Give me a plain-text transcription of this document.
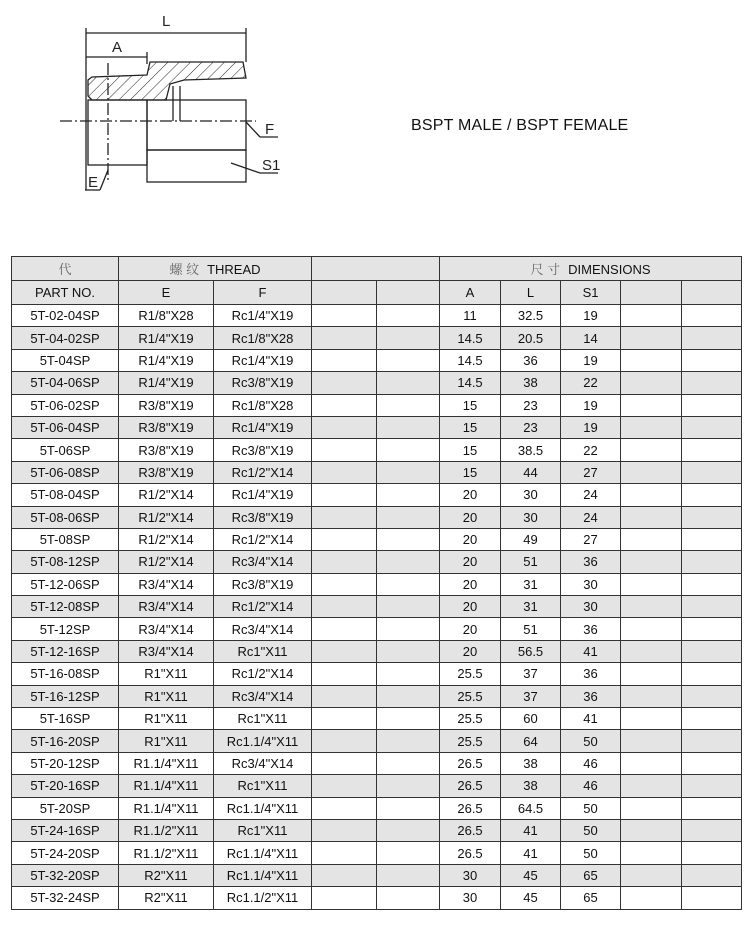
L
A
F
S1
E
BSPT MALE / BSPT FEMALE
代	螺 纹 THREAD				尺 寸 DIMENSIONS				
PART NO.	E	F			A	L	S1		
5T-02-04SP	R1/8"X28	Rc1/4"X19			11	32.5	19		
5T-04-02SP	R1/4"X19	Rc1/8"X28			14.5	20.5	14		
5T-04SP	R1/4"X19	Rc1/4"X19			14.5	36	19		
5T-04-06SP	R1/4"X19	Rc3/8"X19			14.5	38	22		
5T-06-02SP	R3/8"X19	Rc1/8"X28			15	23	19		
5T-06-04SP	R3/8"X19	Rc1/4"X19			15	23	19		
5T-06SP	R3/8"X19	Rc3/8"X19			15	38.5	22		
5T-06-08SP	R3/8"X19	Rc1/2"X14			15	44	27		
5T-08-04SP	R1/2"X14	Rc1/4"X19			20	30	24		
5T-08-06SP	R1/2"X14	Rc3/8"X19			20	30	24		
5T-08SP	R1/2"X14	Rc1/2"X14			20	49	27		
5T-08-12SP	R1/2"X14	Rc3/4"X14			20	51	36		
5T-12-06SP	R3/4"X14	Rc3/8"X19			20	31	30		
5T-12-08SP	R3/4"X14	Rc1/2"X14			20	31	30		
5T-12SP	R3/4"X14	Rc3/4"X14			20	51	36		
5T-12-16SP	R3/4"X14	Rc1"X11			20	56.5	41		
5T-16-08SP	R1"X11	Rc1/2"X14			25.5	37	36		
5T-16-12SP	R1"X11	Rc3/4"X14			25.5	37	36		
5T-16SP	R1"X11	Rc1"X11			25.5	60	41		
5T-16-20SP	R1"X11	Rc1.1/4"X11			25.5	64	50		
5T-20-12SP	R1.1/4"X11	Rc3/4"X14			26.5	38	46		
5T-20-16SP	R1.1/4"X11	Rc1"X11			26.5	38	46		
5T-20SP	R1.1/4"X11	Rc1.1/4"X11			26.5	64.5	50		
5T-24-16SP	R1.1/2"X11	Rc1"X11			26.5	41	50		
5T-24-20SP	R1.1/2"X11	Rc1.1/4"X11			26.5	41	50		
5T-32-20SP	R2"X11	Rc1.1/4"X11			30	45	65		
5T-32-24SP	R2"X11	Rc1.1/2"X11			30	45	65		
